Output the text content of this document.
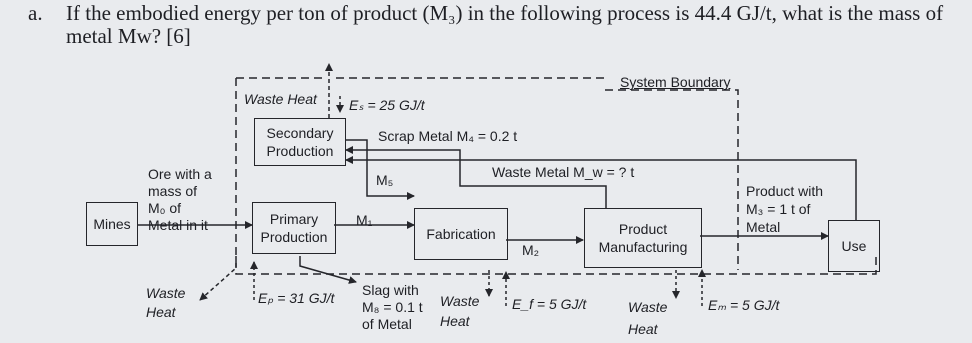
a. If the embodied energy per ton of product (M₃) in the following process is 44.4 GJ/t, what is the mass of metal Mw? [6]
Mines
Secondary Production
Primary Production	Fabrication	Product Manufacturing	Use
System Boundary
Waste Heat Eₛ = 25 GJ/t
Scrap Metal M₄ = 0.2 t
Ore with a
mass of
M₀ of
Metal in it
Waste Metal M_w = ? t
M₅
M₁
M₂
Product with
M₃ = 1 t of
Metal
Waste
Heat
Eₚ = 31 GJ/t Slag with
M₈ = 0.1 t
of Metal
Waste
Heat
E_f = 5 GJ/t	Waste
Heat
Eₘ = 5 GJ/t
